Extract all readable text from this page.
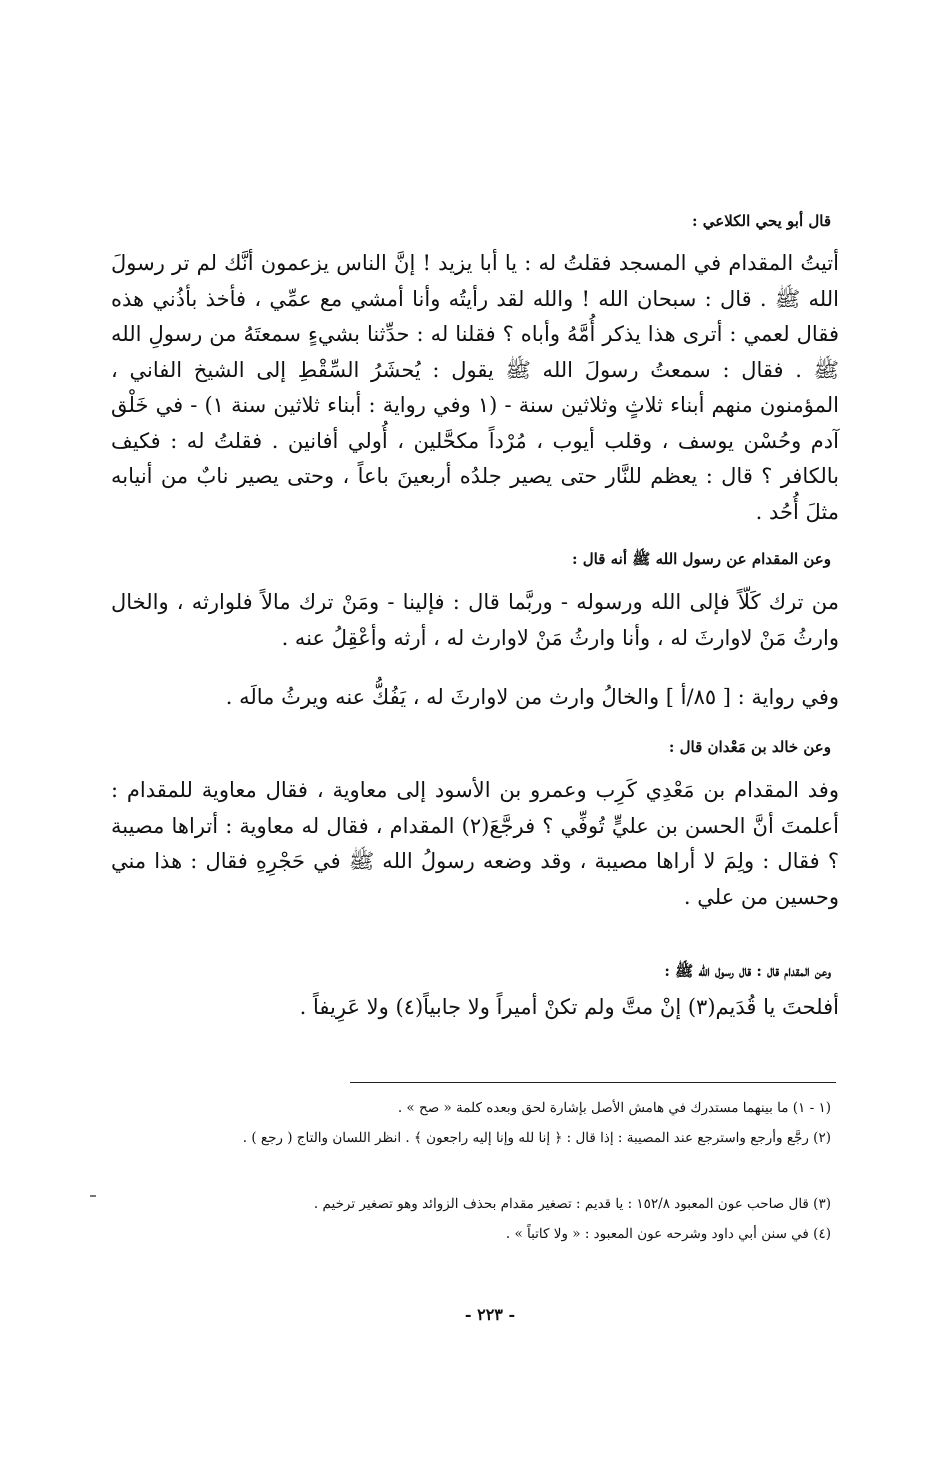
قال أبو يحي الكلاعي :
أتيتُ المقدام في المسجد فقلتُ له : يا أبا يزيد ! إنَّ الناس يزعمون أنَّك لم تر رسولَ الله ﷺ . قال : سبحان الله ! والله لقد رأيتُه وأنا أمشي مع عمِّي ، فأخذ بأذُني هذه فقال لعمي : أترى هذا يذكر أُمَّهُ وأباه ؟ فقلنا له : حدِّثنا بشيءٍ سمعتَهُ من رسولِ الله ﷺ . فقال : سمعتُ رسولَ الله ﷺ يقول : يُحشَرُ السِّقْطِ إلى الشيخ الفاني ، المؤمنون منهم أبناء ثلاثٍ وثلاثين سنة - (١ وفي رواية : أبناء ثلاثين سنة ١) - في خَلْق آدم وحُسْن يوسف ، وقلب أيوب ، مُرْداً مكحَّلين ، أُولي أفانين . فقلتُ له : فكيف بالكافر ؟ قال : يعظم للنَّار حتى يصير جلدُه أربعينَ باعاً ، وحتى يصير نابٌ من أنيابه مثلَ أُحُد .
وعن المقدام عن رسول الله ﷺ أنه قال :
من ترك كَلّاً فإلى الله ورسوله - وربَّما قال : فإلينا - ومَنْ ترك مالاً فلوارثه ، والخال وارثُ مَنْ لاوارثَ له ، وأنا وارثُ مَنْ لاوارث له ، أرثه وأعْقِلُ عنه .
وفي رواية : [ ٨٥/أ ] والخالُ وارث من لاوارثَ له ، يَفُكُّ عنه ويرثُ مالَه .
وعن خالد بن مَعْدان قال :
وفد المقدام بن مَعْدِي كَرِب وعمرو بن الأسود إلى معاوية ، فقال معاوية للمقدام : أعلمتَ أنَّ الحسن بن عليٍّ تُوفِّي ؟ فرجَّعَ(٢) المقدام ، فقال له معاوية : أتراها مصيبة ؟ فقال : ولِمَ لا أراها مصيبة ، وقد وضعه رسولُ الله ﷺ في حَجْرِهِ فقال : هذا مني وحسين من علي .
وعن المقدام قال : قال رسول الله ﷺ :
أفلحتَ يا قُدَيم(٣) إنْ متَّ ولم تكنْ أميراً ولا جابياً(٤) ولا عَرِيفاً .
(١ - ١) ما بينهما مستدرك في هامش الأصل بإشارة لحق وبعده كلمة « صح » .
(٢) رجَّع وأرجع واسترجع عند المصيبة : إذا قال : ﴿ إنا لله وإنا إليه راجعون ﴾ . انظر اللسان والتاج ( رجع ) .
(٣) قال صاحب عون المعبود ١٥٢/٨ : يا قديم : تصغير مقدام بحذف الزوائد وهو تصغير ترخيم .
(٤) في سنن أبي داود وشرحه عون المعبود : « ولا كاتباً » .
- ٢٢٣ -
